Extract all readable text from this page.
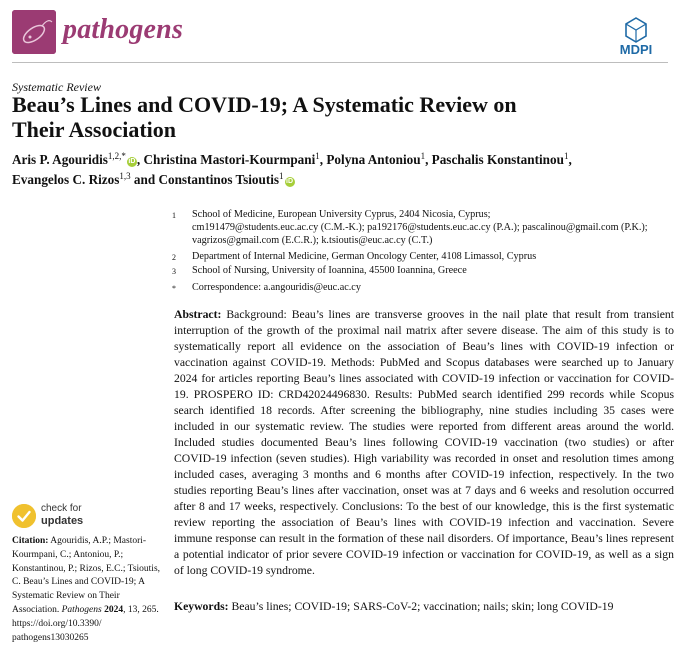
pathogens
MDPI
Systematic Review
Beau’s Lines and COVID-19; A Systematic Review on
Their Association
Aris P. Agouridis$^{1,2,*}$iD , Christina Mastori-Kourmpani$^1$, Polyna Antoniou$^1$, Paschalis Konstantinou$^1$,
Evangelos C. Rizos$^{1,3}$ and Constantinos Tsioutis$^1$iD
1	School of Medicine, European University Cyprus, 2404 Nicosia, Cyprus;
cm191479@students.euc.ac.cy (C.M.-K.); pa192176@students.euc.ac.cy (P.A.); pascalinou@gmail.com (P.K.);
vagrizos@gmail.com (E.C.R.); k.tsioutis@euc.ac.cy (C.T.)
2	Department of Internal Medicine, German Oncology Center, 4108 Limassol, Cyprus
3	School of Nursing, University of Ioannina, 45500 Ioannina, Greece
*	Correspondence: a.angouridis@euc.ac.cy

Abstract: Background: Beau’s lines are transverse grooves in the nail plate that result from transient interruption of the growth of the proximal nail matrix after severe disease. The aim of this study is to systematically report all evidence on the association of Beau’s lines with COVID-19 infection or vaccination against COVID-19. Methods: PubMed and Scopus databases were searched up to January 2024 for articles reporting Beau’s lines associated with COVID-19 infection or vaccination for COVID-19. PROSPERO ID: CRD42024496830. Results: PubMed search identified 299 records while Scopus search identified 18 records. After screening the bibliography, nine studies including 35 cases were included in our systematic review. The studies were reported from different areas around the world. Included studies documented Beau’s lines following COVID-19 vaccination (two studies) or after COVID-19 infection (seven studies). High variability was recorded in onset and resolution times among included cases, averaging 3 months and 6 months after COVID-19 infection, respectively. In the two studies reporting Beau’s lines after vaccination, onset was at 7 days and 6 weeks and resolution occurred after 8 and 17 weeks, respectively. Conclusions: To the best of our knowledge, this is the first systematic review reporting the association of Beau’s lines with COVID-19 infection and vaccination. Severe immune response can result in the formation of these nail disorders. Of importance, Beau’s lines represent a potential indicator of prior severe COVID-19 infection or vaccination for COVID-19, as well as a sign of long COVID-19 syndrome.

Keywords: Beau’s lines; COVID-19; SARS-CoV-2; vaccination; nails; skin; long COVID-19

check for
updates
Citation: Agouridis, A.P.; Mastori-Kourmpani, C.; Antoniou, P.; Konstantinou, P.; Rizos, E.C.; Tsioutis, C. Beau’s Lines and COVID-19; A Systematic Review on Their Association. Pathogens 2024, 13, 265.
https://doi.org/10.3390/
pathogens13030265
